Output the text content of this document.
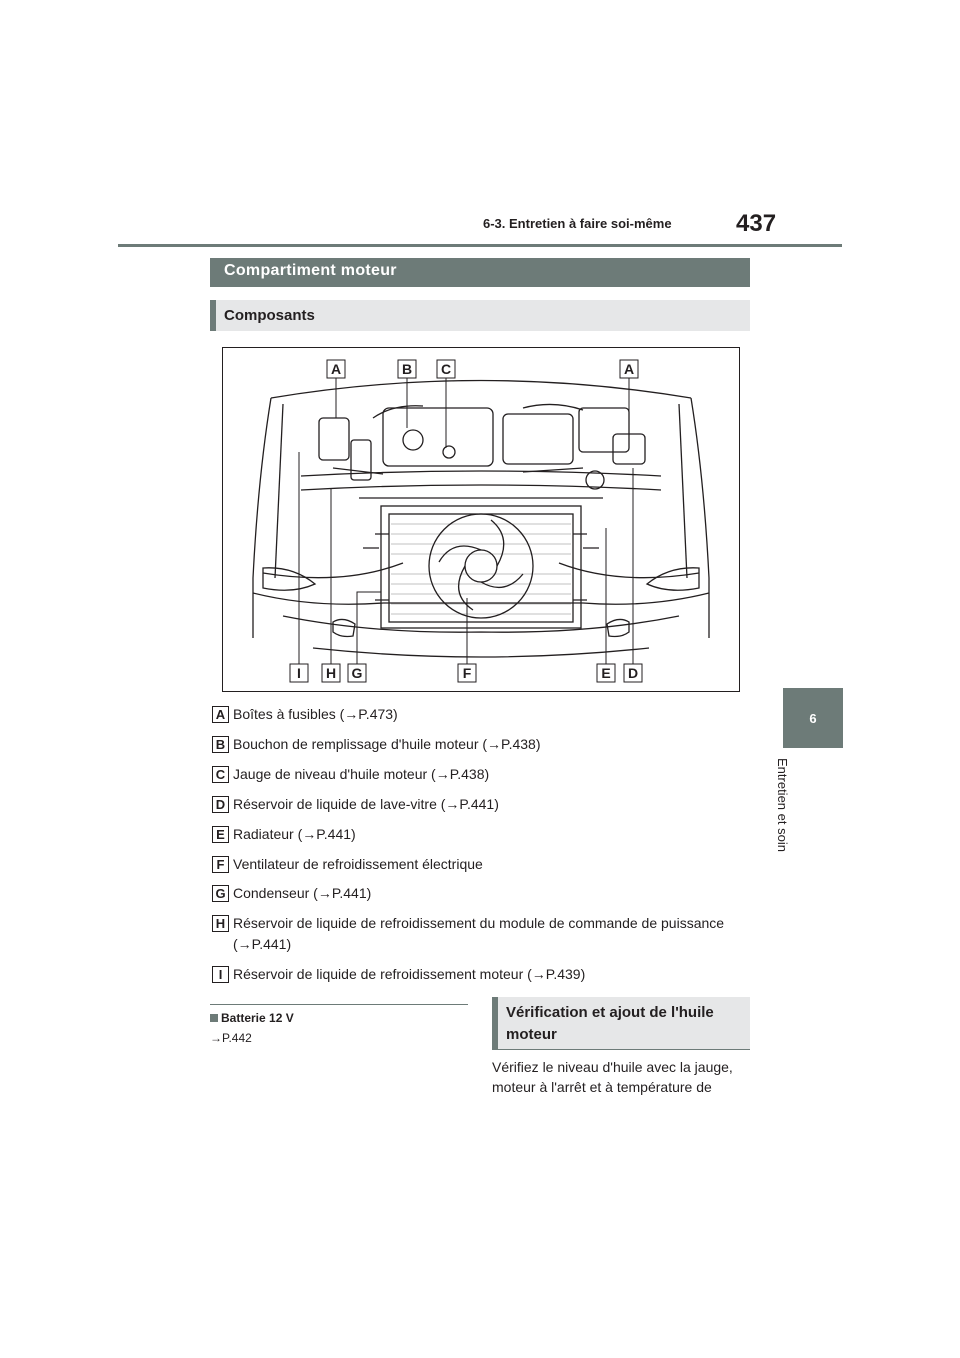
6-3. Entretien à faire soi-même	437
6
Entretien et soin
Compartiment moteur
Composants
A	B C	A
I H G	F	E D
A Boîtes à fusibles (→P.473)
B Bouchon de remplissage d'huile moteur (→P.438)
C Jauge de niveau d'huile moteur (→P.438)
D Réservoir de liquide de lave-vitre (→P.441)
E Radiateur (→P.441)
F Ventilateur de refroidissement électrique
G Condenseur (→P.441)
H Réservoir de liquide de refroidissement du module de commande de puissance
(→P.441)
I Réservoir de liquide de refroidissement moteur (→P.439)
Batterie 12 V
→P.442
Vérification et ajout de l'huile
moteur
Vérifiez le niveau d'huile avec la jauge,
moteur à l'arrêt et à température de
